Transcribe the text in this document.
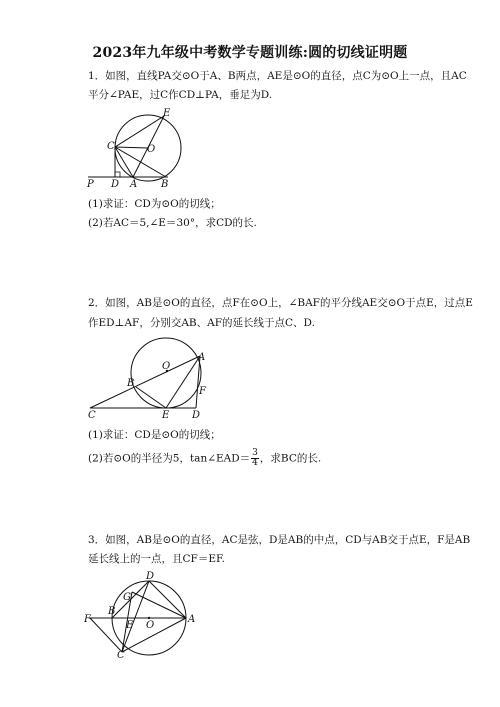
2023年九年级中考数学专题训练:圆的切线证明题
1．如图，直线PA交⊙O于A、B两点，AE是⊙O的直径，点C为⊙O上一点，且AC
平分∠PAE，过C作CD⊥PA，垂足为D.
E
C	O
P D A B
(1)求证：CD为⊙O的切线；
(2)若AC＝5,∠E＝30°，求CD的长.
2．如图，AB是⊙O的直径，点F在⊙O上，∠BAF的平分线AE交⊙O于点E，过点E
作ED⊥AF，分别交AB、AF的延长线于点C、D.
O
A
B
F
C	E D
(1)求证：CD是⊙O的切线；
(2)若⊙O的半径为5，tan∠EAD＝ $\frac{3}{4}$ ，求BC的长.
3．如图，AB是⊙O的直径，AC是弦，D是AB的中点，CD与AB交于点E，F是AB
延长线上的一点，且CF＝EF.
D
G
F
B
E O
A
C
